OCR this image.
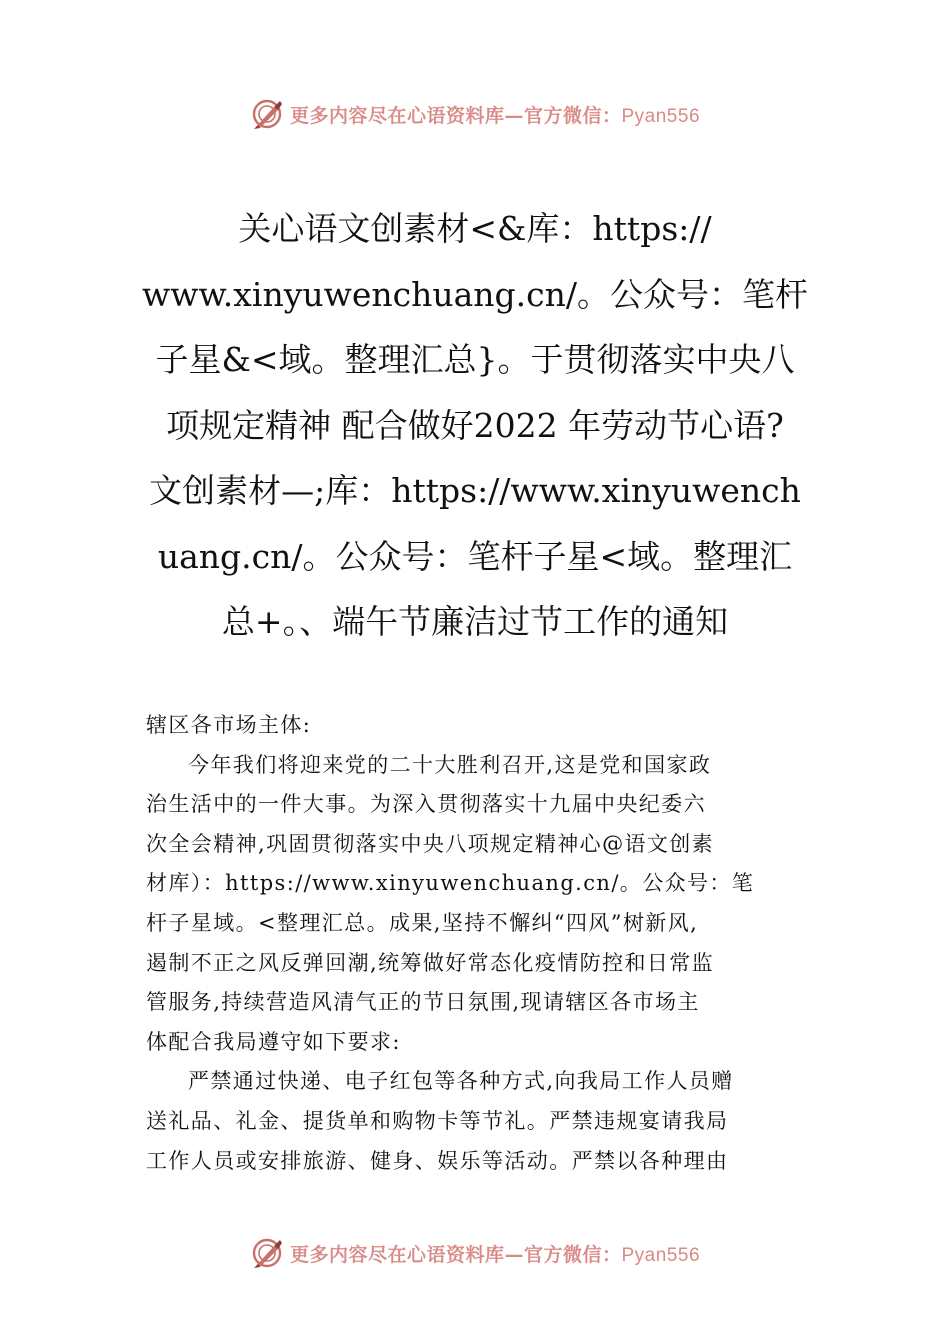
更多内容尽在心语资料库—官方微信：Pyan556
关心语文创素材<&库：https://
www.xinyuwenchuang.cn/。公众号：笔杆
子星&<域。整理汇总}。于贯彻落实中央八
项规定精神 配合做好2022 年劳动节心语?
文创素材—;库：https://www.xinyuwench
uang.cn/。公众号：笔杆子星<域。整理汇
总+。、端午节廉洁过节工作的通知

辖区各市场主体:

今年我们将迎来党的二十大胜利召开,这是党和国家政
治生活中的一件大事。为深入贯彻落实十九届中央纪委六
次全会精神,巩固贯彻落实中央八项规定精神心@语文创素
材库）：https://www.xinyuwenchuang.cn/。公众号：笔
杆子星域。<整理汇总。成果,坚持不懈纠“四风”树新风,
遏制不正之风反弹回潮,统筹做好常态化疫情防控和日常监
管服务,持续营造风清气正的节日氛围,现请辖区各市场主
体配合我局遵守如下要求:

严禁通过快递、电子红包等各种方式,向我局工作人员赠
送礼品、礼金、提货单和购物卡等节礼。严禁违规宴请我局
工作人员或安排旅游、健身、娱乐等活动。严禁以各种理由

更多内容尽在心语资料库—官方微信：Pyan556
